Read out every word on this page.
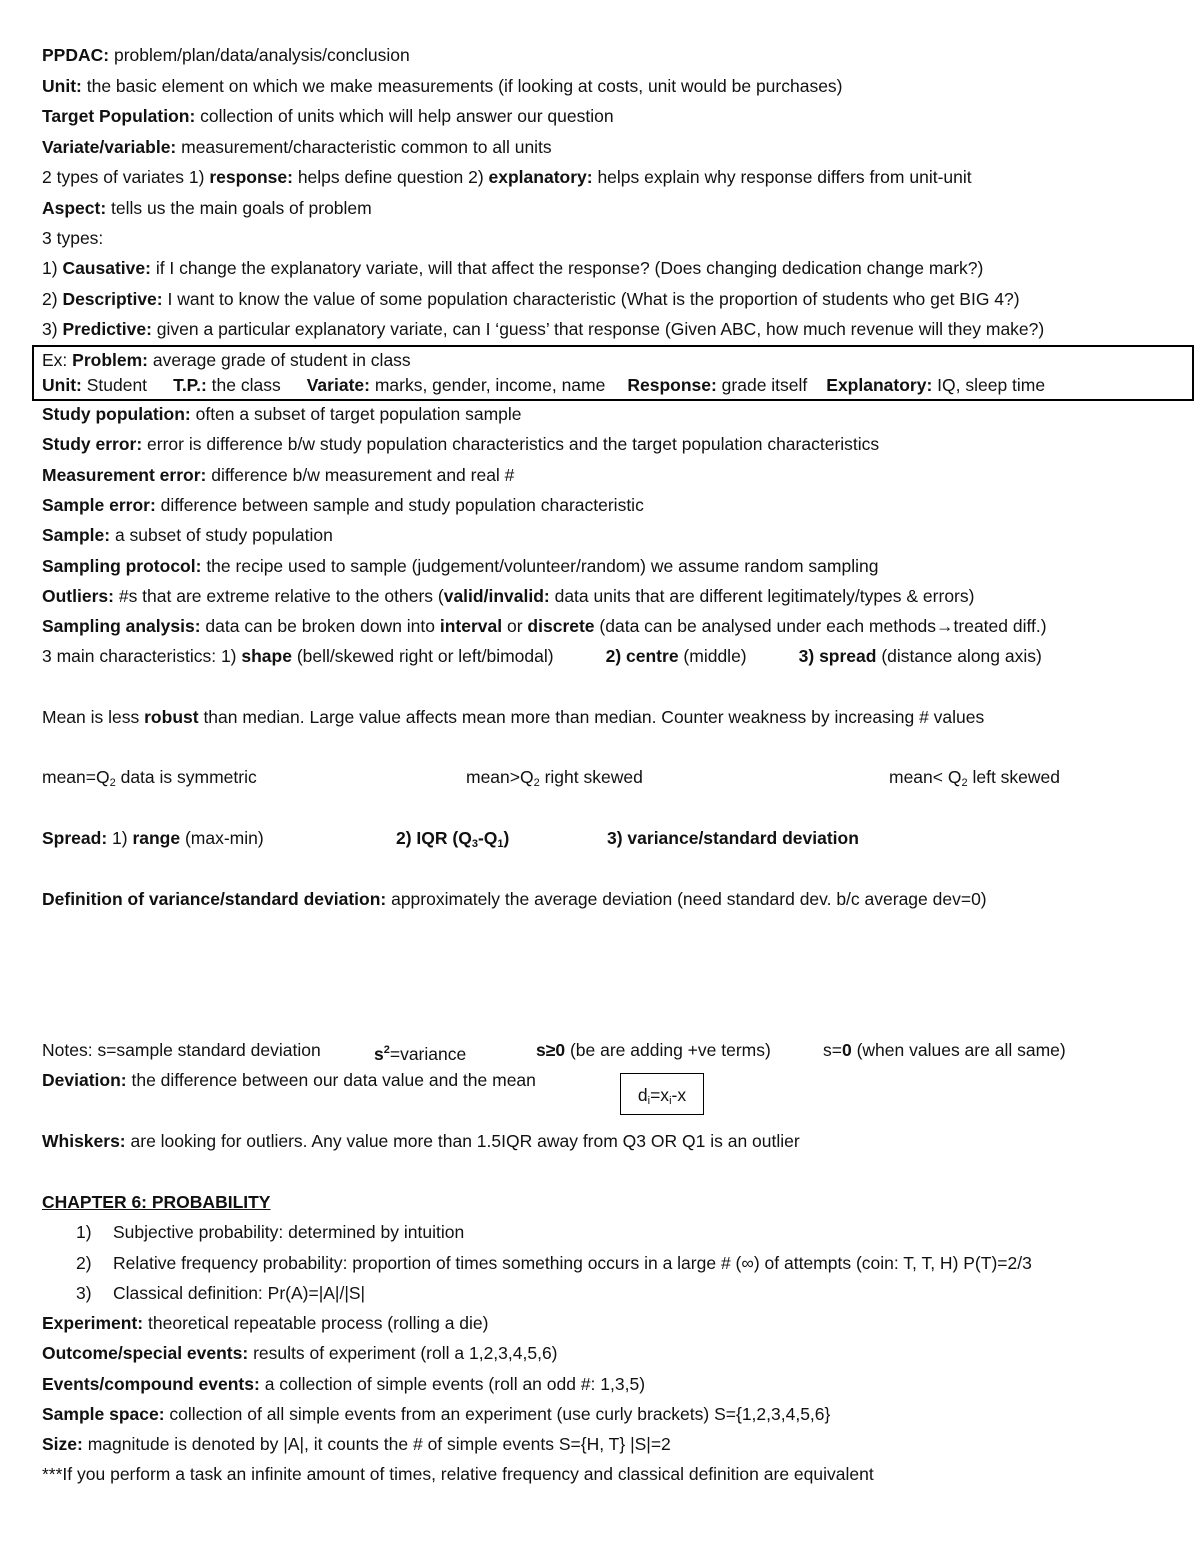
PPDAC: problem/plan/data/analysis/conclusion
Unit: the basic element on which we make measurements (if looking at costs, unit would be purchases)
Target Population: collection of units which will help answer our question
Variate/variable: measurement/characteristic common to all units
2 types of variates 1) response: helps define question 2) explanatory: helps explain why response differs from unit-unit
Aspect: tells us the main goals of problem
3 types:
1) Causative: if I change the explanatory variate, will that affect the response? (Does changing dedication change mark?)
2) Descriptive: I want to know the value of some population characteristic (What is the proportion of students who get BIG 4?)
3) Predictive: given a particular explanatory variate, can I ‘guess’ that response (Given ABC, how much revenue will they make?)
Ex: Problem: average grade of student in class
Unit: Student T.P.: the class Variate: marks, gender, income, name Response: grade itself Explanatory: IQ, sleep time
Study population: often a subset of target population sample
Study error: error is difference b/w study population characteristics and the target population characteristics
Measurement error: difference b/w measurement and real #
Sample error: difference between sample and study population characteristic
Sample: a subset of study population
Sampling protocol: the recipe used to sample (judgement/volunteer/random) we assume random sampling
Outliers: #s that are extreme relative to the others (valid/invalid: data units that are different legitimately/types & errors)
Sampling analysis: data can be broken down into interval or discrete (data can be analysed under each methods→treated diff.)
3 main characteristics: 1) shape (bell/skewed right or left/bimodal)	2) centre (middle)	3) spread (distance along axis)
Mean is less robust than median. Large value affects mean more than median. Counter weakness by increasing # values
$mean=Q_2$ data is symmetric	$mean>Q_2$ right skewed	mean< $Q_2$ left skewed
Spread: 1) range (max-min)	2) IQR $(Q_3-Q_1)$	3) variance/standard deviation
Definition of variance/standard deviation: approximately the average deviation (need standard dev. b/c average dev=0)
Notes: s=sample standard deviation	$s^2=variance$	s≥0 (be are adding +ve terms)	s=0 (when values are all same)
Deviation: the difference between our data value and the mean
$d_i=x_i-x$
Whiskers: are looking for outliers. Any value more than 1.5IQR away from Q3 OR Q1 is an outlier
CHAPTER 6: PROBABILITY
1) Subjective probability: determined by intuition
2) Relative frequency probability: proportion of times something occurs in a large # (∞) of attempts (coin: T, T, H) P(T)=2/3
3) Classical definition: Pr(A)=|A|/|S|
Experiment: theoretical repeatable process (rolling a die)
Outcome/special events: results of experiment (roll a 1,2,3,4,5,6)
Events/compound events: a collection of simple events (roll an odd #: 1,3,5)
Sample space: collection of all simple events from an experiment (use curly brackets) S={1,2,3,4,5,6}
Size: magnitude is denoted by |A|, it counts the # of simple events S={H, T} |S|=2
***If you perform a task an infinite amount of times, relative frequency and classical definition are equivalent
